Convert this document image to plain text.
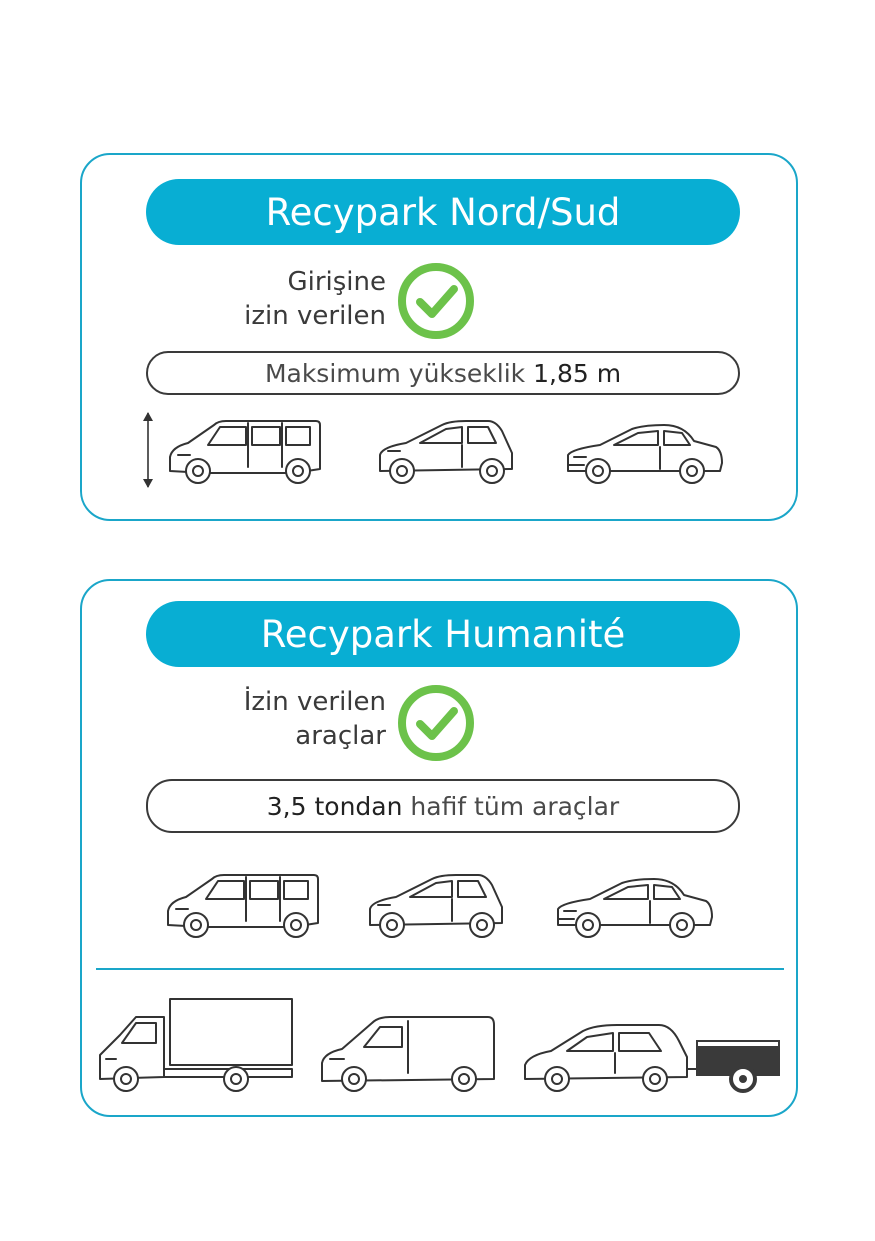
Recypark Nord/Sud
Girişine
izin verilen
Maksimum yükseklik 1,85 m
Recypark Humanité
İzin verilen
araçlar
3,5 tondan hafif tüm araçlar
